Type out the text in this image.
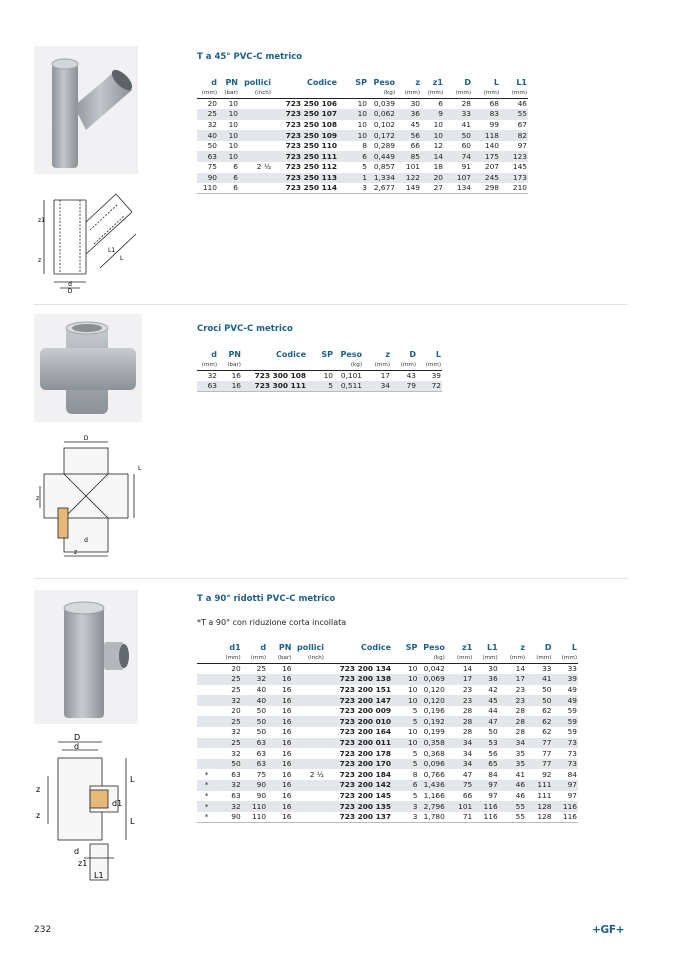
d
D
z
z1
L
L1
T a 45° PVC-C metrico
d	PN	pollici	Codice	SP	Peso	z	z1	D	L	L1
(mm)	(bar)	(inch)			(kg)	(mm)	(mm)	(mm)	(mm)	(mm)
20	10		723 250 106	10	0,039	30	6	28	68	46
25	10		723 250 107	10	0,062	36	9	33	83	55
32	10		723 250 108	10	0,102	45	10	41	99	67
40	10		723 250 109	10	0,172	56	10	50	118	82
50	10		723 250 110	8	0,289	66	12	60	140	97
63	10		723 250 111	6	0,449	85	14	74	175	123
75	6	2 ½	723 250 112	5	0,857	101	18	91	207	145
90	6		723 250 113	1	1,334	122	20	107	245	173
110	6		723 250 114	3	2,677	149	27	134	298	210
D
L
z
d
z
Croci PVC-C metrico
d	PN	Codice	SP	Peso	z	D	L
(mm)	(bar)			(kg)	(mm)	(mm)	(mm)
32	16	723 300 108	10	0,101	17	43	39
63	16	723 300 111	5	0,511	34	79	72
D
d
z
z
L
d1
L
d
z1
L1
T a 90° ridotti PVC-C metrico
*T a 90° con riduzione corta incollata
	d1	d	PN	pollici	Codice	SP	Peso	z1	L1	z	D	L
	(mm)	(mm)	(bar)	(inch)			(kg)	(mm)	(mm)	(mm)	(mm)	(mm)
	20	25	16		723 200 134	10	0,042	14	30	14	33	33
	25	32	16		723 200 138	10	0,069	17	36	17	41	39
	25	40	16		723 200 151	10	0,120	23	42	23	50	49
	32	40	16		723 200 147	10	0,120	23	45	23	50	49
	20	50	16		723 200 009	5	0,196	28	44	28	62	59
	25	50	16		723 200 010	5	0,192	28	47	28	62	59
	32	50	16		723 200 164	10	0,199	28	50	28	62	59
	25	63	16		723 200 011	10	0,358	34	53	34	77	73
	32	63	16		723 200 178	5	0,368	34	56	35	77	73
	50	63	16		723 200 170	5	0,096	34	65	35	77	73
*	63	75	16	2 ½	723 200 184	8	0,766	47	84	41	92	84
*	32	90	16		723 200 142	6	1,436	75	97	46	111	97
*	63	90	16		723 200 145	5	1,166	66	97	46	111	97
*	32	110	16		723 200 135	3	2,796	101	116	55	128	116
*	90	110	16		723 200 137	3	1,780	71	116	55	128	116
232	+GF+
